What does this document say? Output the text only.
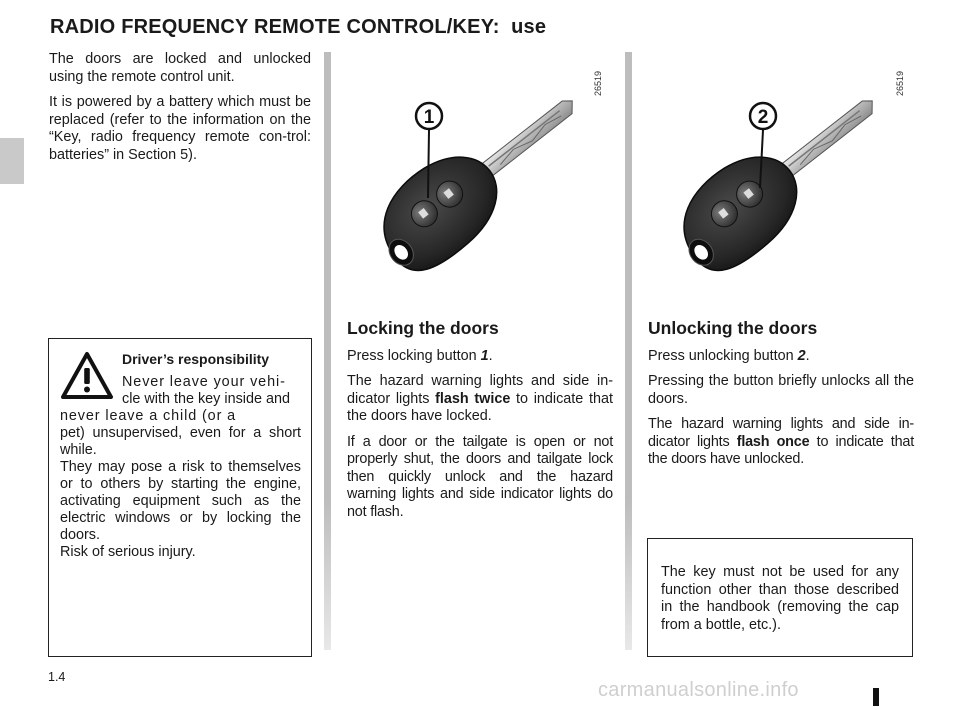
RADIO FREQUENCY REMOTE CONTROL/KEY:  use

The doors are locked and unlocked using the remote control unit.

It is powered by a battery which must be replaced (refer to the information on the “Key, radio frequency remote con-trol: batteries” in Section 5).

Driver’s responsibility
Never leave your vehi-
cle with the key inside and
never leave a child (or a
pet) unsupervised, even for a short while.
They may pose a risk to themselves or to others by starting the engine, activating equipment such as the electric windows or by locking the doors.
Risk of serious injury.
1
26519
2
26519
Locking the doors

Press locking button 1.

The hazard warning lights and side in-dicator lights flash twice to indicate that the doors have locked.

If a door or the tailgate is open or not properly shut, the doors and tailgate lock then quickly unlock and the hazard warning lights and side indicator lights do not flash.

Unlocking the doors

Press unlocking button 2.

Pressing the button briefly unlocks all the doors.

The hazard warning lights and side in-dicator lights flash once to indicate that the doors have unlocked.

The key must not be used for any function other than those described in the handbook (removing the cap from a bottle, etc.).
1.4
carmanualsonline.info
